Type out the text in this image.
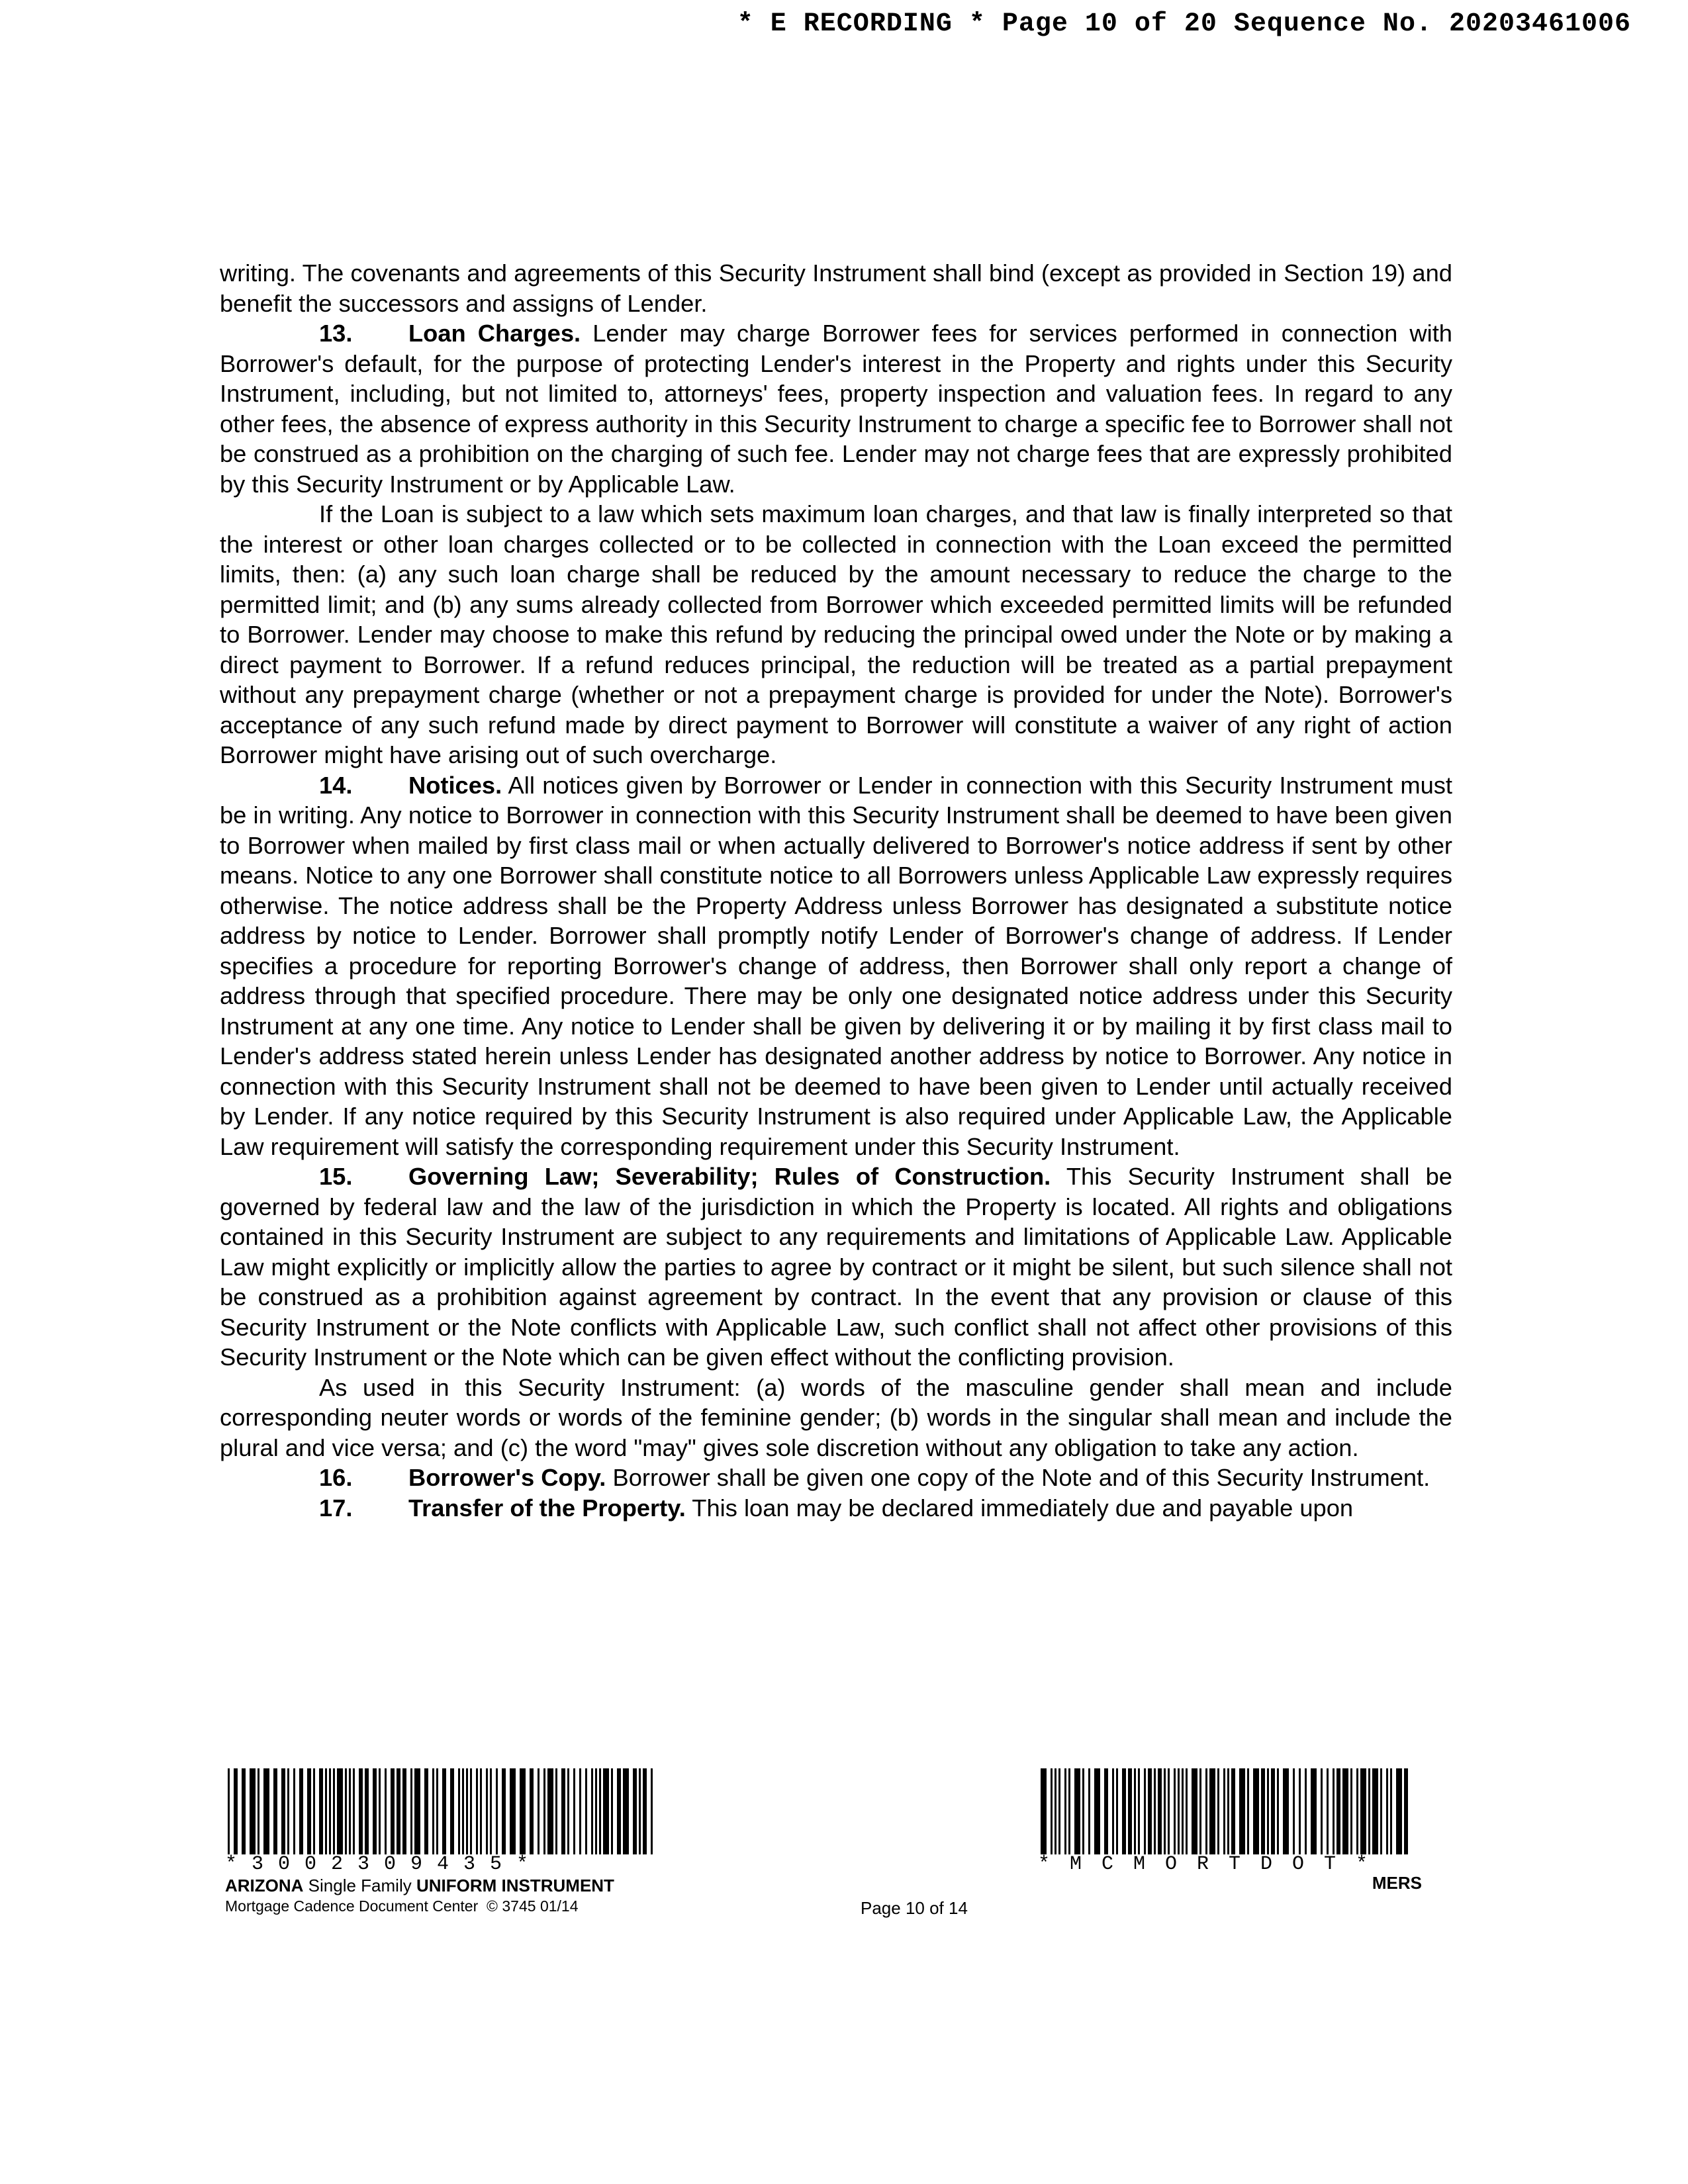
* E RECORDING * Page 10 of 20 Sequence No. 20203461006

writing. The covenants and agreements of this Security Instrument shall bind (except as provided in Section 19) and benefit the successors and assigns of Lender.

13. Loan Charges. Lender may charge Borrower fees for services performed in connection with Borrower's default, for the purpose of protecting Lender's interest in the Property and rights under this Security Instrument, including, but not limited to, attorneys' fees, property inspection and valuation fees. In regard to any other fees, the absence of express authority in this Security Instrument to charge a specific fee to Borrower shall not be construed as a prohibition on the charging of such fee. Lender may not charge fees that are expressly prohibited by this Security Instrument or by Applicable Law.

If the Loan is subject to a law which sets maximum loan charges, and that law is finally interpreted so that the interest or other loan charges collected or to be collected in connection with the Loan exceed the permitted limits, then: (a) any such loan charge shall be reduced by the amount necessary to reduce the charge to the permitted limit; and (b) any sums already collected from Borrower which exceeded permitted limits will be refunded to Borrower. Lender may choose to make this refund by reducing the principal owed under the Note or by making a direct payment to Borrower. If a refund reduces principal, the reduction will be treated as a partial prepayment without any prepayment charge (whether or not a prepayment charge is provided for under the Note). Borrower's acceptance of any such refund made by direct payment to Borrower will constitute a waiver of any right of action Borrower might have arising out of such overcharge.

14. Notices. All notices given by Borrower or Lender in connection with this Security Instrument must be in writing. Any notice to Borrower in connection with this Security Instrument shall be deemed to have been given to Borrower when mailed by first class mail or when actually delivered to Borrower's notice address if sent by other means. Notice to any one Borrower shall constitute notice to all Borrowers unless Applicable Law expressly requires otherwise. The notice address shall be the Property Address unless Borrower has designated a substitute notice address by notice to Lender. Borrower shall promptly notify Lender of Borrower's change of address. If Lender specifies a procedure for reporting Borrower's change of address, then Borrower shall only report a change of address through that specified procedure. There may be only one designated notice address under this Security Instrument at any one time. Any notice to Lender shall be given by delivering it or by mailing it by first class mail to Lender's address stated herein unless Lender has designated another address by notice to Borrower. Any notice in connection with this Security Instrument shall not be deemed to have been given to Lender until actually received by Lender. If any notice required by this Security Instrument is also required under Applicable Law, the Applicable Law requirement will satisfy the corresponding requirement under this Security Instrument.

15. Governing Law; Severability; Rules of Construction. This Security Instrument shall be governed by federal law and the law of the jurisdiction in which the Property is located. All rights and obligations contained in this Security Instrument are subject to any requirements and limitations of Applicable Law. Applicable Law might explicitly or implicitly allow the parties to agree by contract or it might be silent, but such silence shall not be construed as a prohibition against agreement by contract. In the event that any provision or clause of this Security Instrument or the Note conflicts with Applicable Law, such conflict shall not affect other provisions of this Security Instrument or the Note which can be given effect without the conflicting provision.

As used in this Security Instrument: (a) words of the masculine gender shall mean and include corresponding neuter words or words of the feminine gender; (b) words in the singular shall mean and include the plural and vice versa; and (c) the word "may" gives sole discretion without any obligation to take any action.

16. Borrower's Copy. Borrower shall be given one copy of the Note and of this Security Instrument.

17. Transfer of the Property. This loan may be declared immediately due and payable upon

*3002309435*
ARIZONA Single Family UNIFORM INSTRUMENT
Mortgage Cadence Document Center © 3745 01/14	Page 10 of 14
*MCMORTDOT*
MERS
